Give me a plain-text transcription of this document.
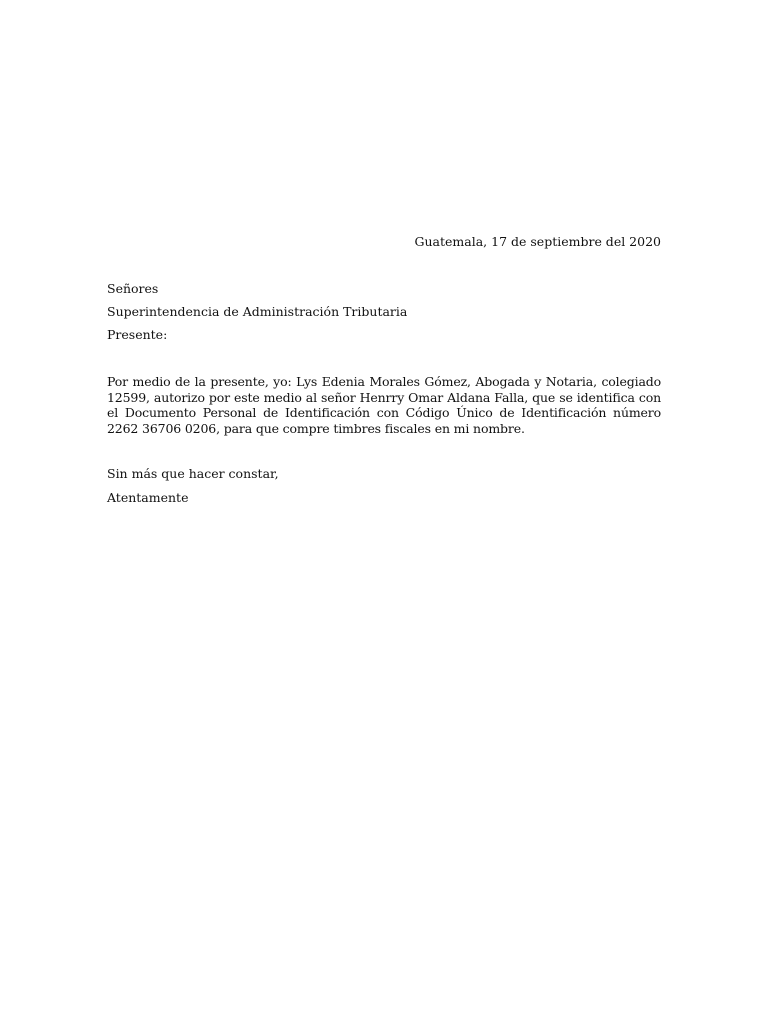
Guatemala, 17 de septiembre del 2020
Señores
Superintendencia de Administración Tributaria
Presente:
Por medio de la presente, yo: Lys Edenia Morales Gómez, Abogada y Notaria, colegiado 12599, autorizo por este medio al señor Henrry Omar Aldana Falla, que se identifica con el Documento Personal de Identificación con Código Único de Identificación número 2262 36706 0206, para que compre timbres fiscales en mi nombre.
Sin más que hacer constar,
Atentamente
